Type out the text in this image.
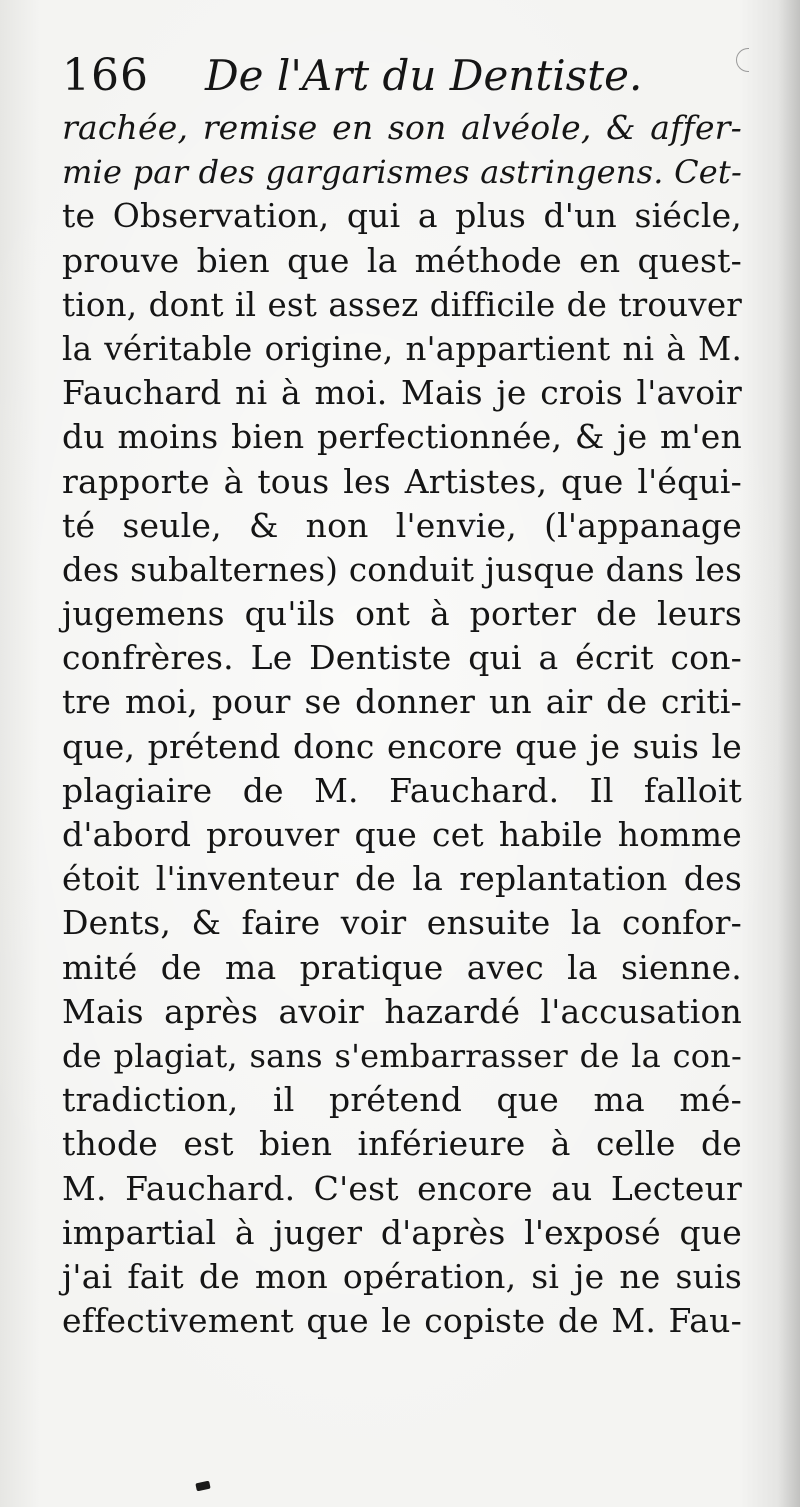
166 De l'Art du Dentiste.
rachée, remise en son alvéole, & affer-
mie par des gargarismes astringens. Cet-
te Observation, qui a plus d'un siécle,
prouve bien que la méthode en quest-
tion, dont il est assez difficile de trouver
la véritable origine, n'appartient ni à M.
Fauchard ni à moi. Mais je crois l'avoir
du moins bien perfectionnée, & je m'en
rapporte à tous les Artistes, que l'équi-
té seule, & non l'envie, (l'appanage
des subalternes) conduit jusque dans les
jugemens qu'ils ont à porter de leurs
confrères. Le Dentiste qui a écrit con-
tre moi, pour se donner un air de criti-
que, prétend donc encore que je suis le
plagiaire de M. Fauchard. Il falloit
d'abord prouver que cet habile homme
étoit l'inventeur de la replantation des
Dents, & faire voir ensuite la confor-
mité de ma pratique avec la sienne.
Mais après avoir hazardé l'accusation
de plagiat, sans s'embarrasser de la con-
tradiction, il prétend que ma mé-
thode est bien inférieure à celle de
M. Fauchard. C'est encore au Lecteur
impartial à juger d'après l'exposé que
j'ai fait de mon opération, si je ne suis
effectivement que le copiste de M. Fau-
